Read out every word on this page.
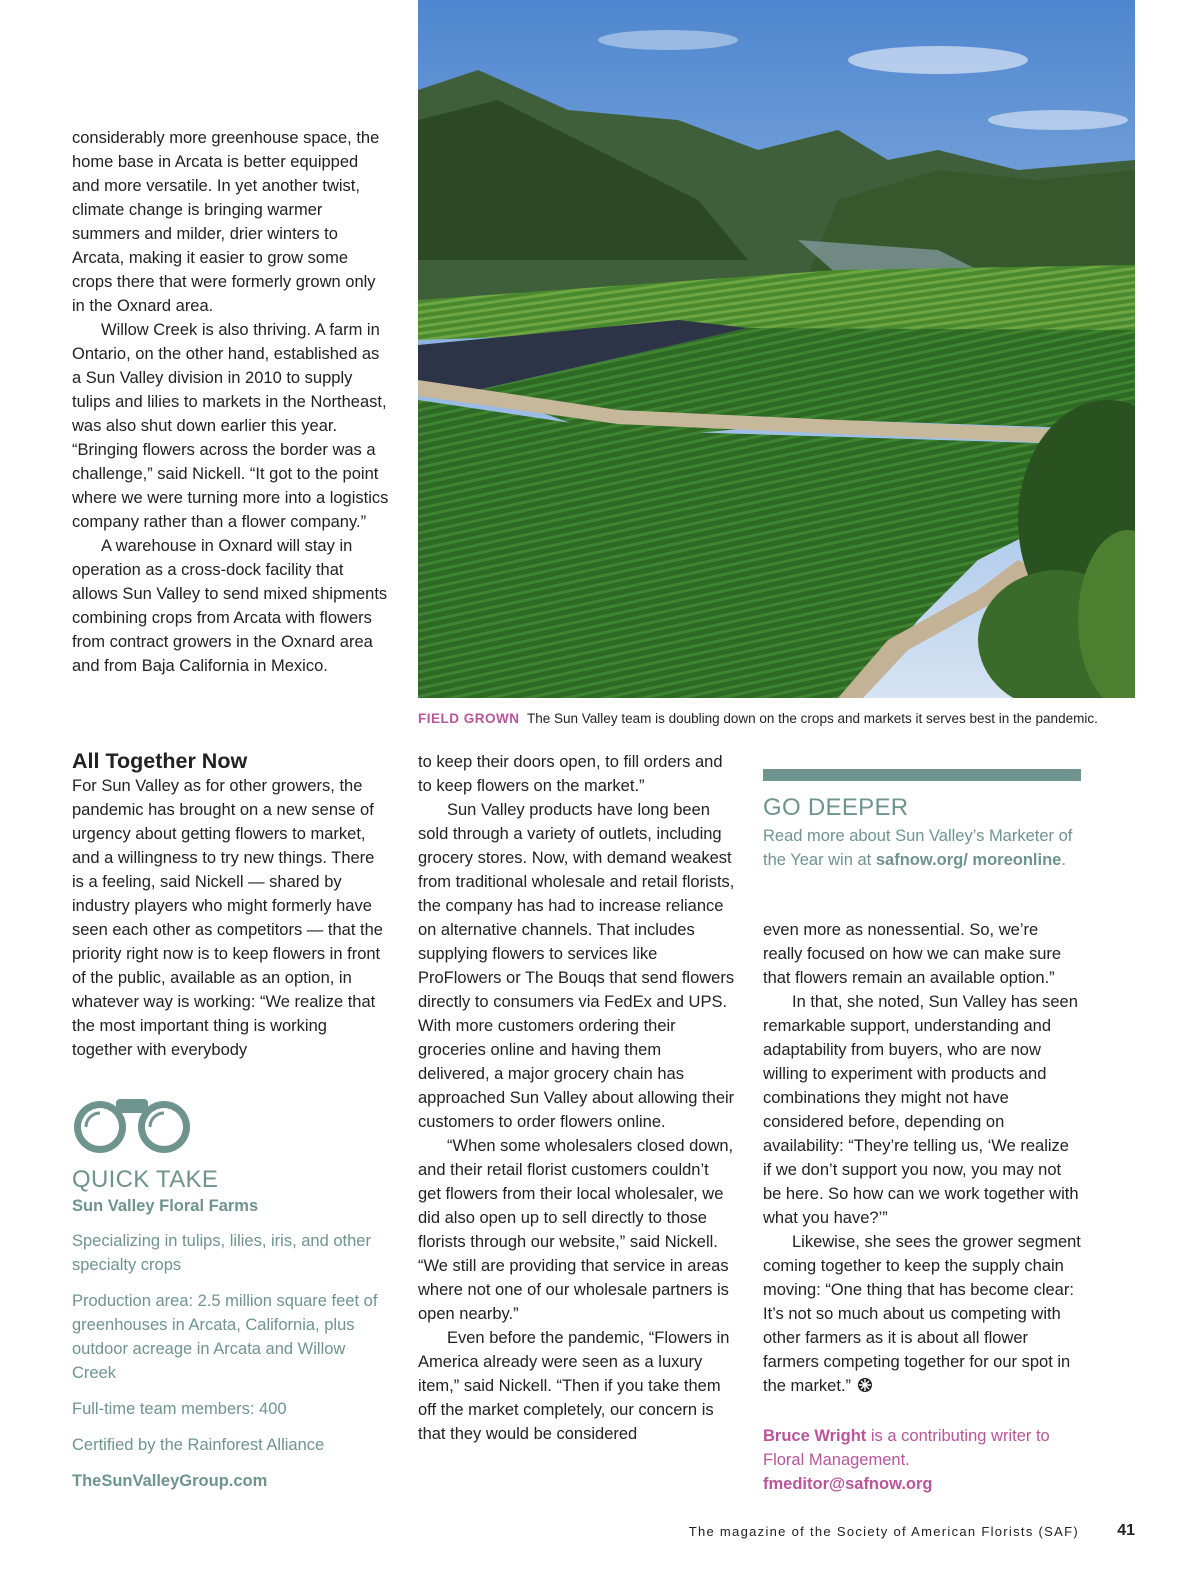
considerably more greenhouse space, the home base in Arcata is better equipped and more versatile. In yet another twist, climate change is bringing warmer summers and milder, drier winters to Arcata, making it easier to grow some crops there that were formerly grown only in the Oxnard area.

Willow Creek is also thriving. A farm in Ontario, on the other hand, established as a Sun Valley division in 2010 to supply tulips and lilies to markets in the Northeast, was also shut down earlier this year. “Bringing flowers across the border was a challenge,” said Nickell. “It got to the point where we were turning more into a logistics company rather than a flower company.”

A warehouse in Oxnard will stay in operation as a cross-dock facility that allows Sun Valley to send mixed shipments combining crops from Arcata with flowers from contract growers in the Oxnard area and from Baja California in Mexico.

FIELD GROWN The Sun Valley team is doubling down on the crops and markets it serves best in the pandemic.
All Together Now

For Sun Valley as for other growers, the pandemic has brought on a new sense of urgency about getting flowers to market, and a willingness to try new things. There is a feeling, said Nickell — shared by industry players who might formerly have seen each other as competitors — that the priority right now is to keep flowers in front of the public, available as an option, in whatever way is working: “We realize that the most important thing is working together with everybody

QUICK TAKE
Sun Valley Floral Farms

Specializing in tulips, lilies, iris, and other specialty crops

Production area: 2.5 million square feet of greenhouses in Arcata, California, plus outdoor acreage in Arcata and Willow Creek

Full-time team members: 400

Certified by the Rainforest Alliance

TheSunValleyGroup.com

to keep their doors open, to fill orders and to keep flowers on the market.”

Sun Valley products have long been sold through a variety of outlets, including grocery stores. Now, with demand weakest from traditional wholesale and retail florists, the company has had to increase reliance on alternative channels. That includes supplying flowers to services like ProFlowers or The Bouqs that send flowers directly to consumers via FedEx and UPS. With more customers ordering their groceries online and having them delivered, a major grocery chain has approached Sun Valley about allowing their customers to order flowers online.

“When some wholesalers closed down, and their retail florist customers couldn’t get flowers from their local wholesaler, we did also open up to sell directly to those florists through our website,” said Nickell. “We still are providing that service in areas where not one of our wholesale partners is open nearby.”

Even before the pandemic, “Flowers in America already were seen as a luxury item,” said Nickell. “Then if you take them off the market completely, our concern is that they would be considered

GO DEEPER

Read more about Sun Valley’s Marketer of the Year win at safnow.org/ moreonline.

even more as nonessential. So, we’re really focused on how we can make sure that flowers remain an available option.”

In that, she noted, Sun Valley has seen remarkable support, understanding and adaptability from buyers, who are now willing to experiment with products and combinations they might not have considered before, depending on availability: “They’re telling us, ‘We realize if we don’t support you now, you may not be here. So how can we work together with what you have?’”

Likewise, she sees the grower segment coming together to keep the supply chain moving: “One thing that has become clear: It’s not so much about us competing with other farmers as it is about all flower farmers competing together for our spot in the market.”

Bruce Wright is a contributing writer to Floral Management.
fmeditor@safnow.org

The magazine of the Society of American Florists (SAF) 41
